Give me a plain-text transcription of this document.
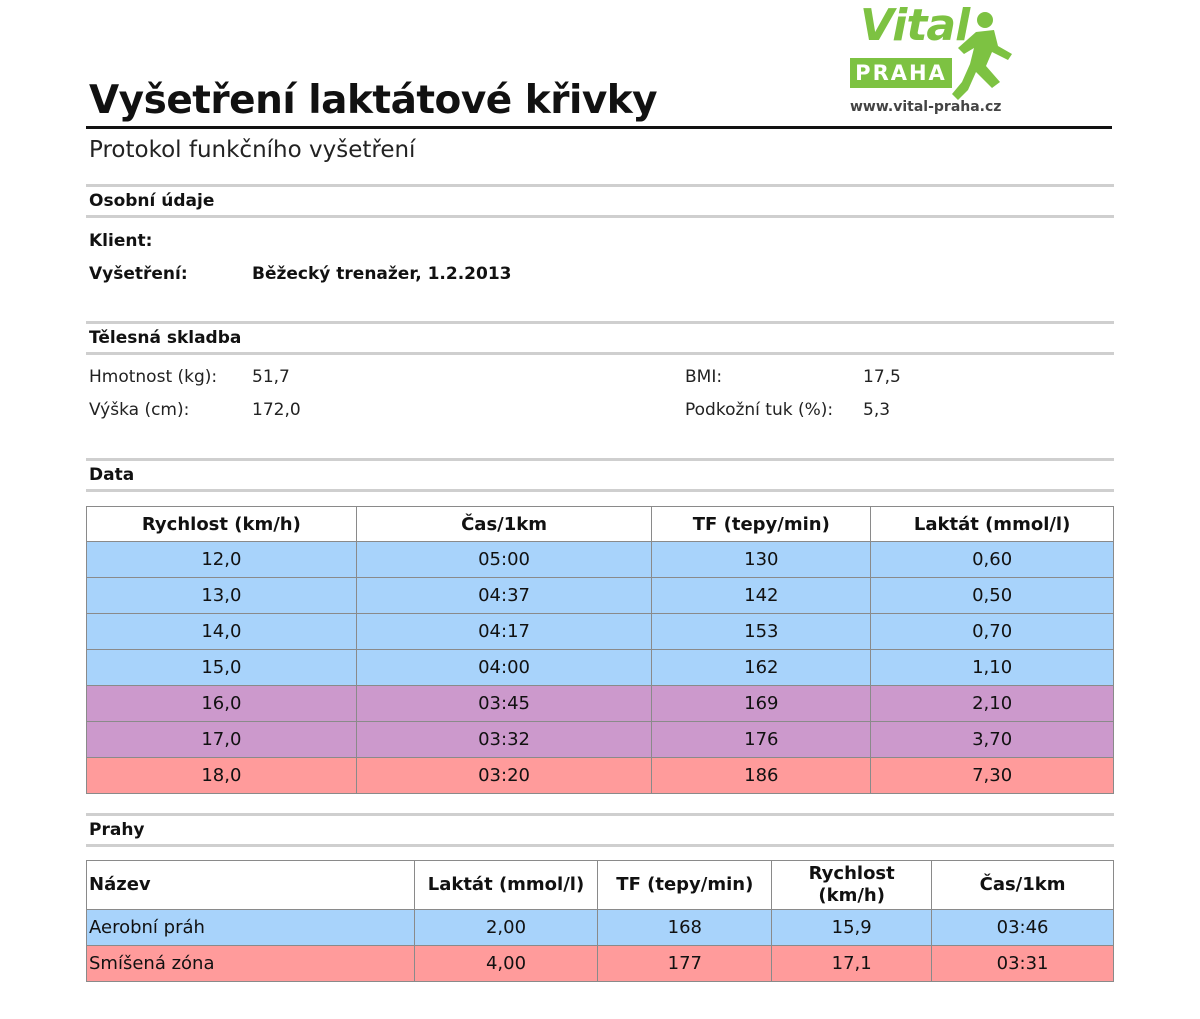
Vital
PRAHA
www.vital-praha.cz
Vyšetření laktátové křivky
Protokol funkčního vyšetření
Osobní údaje
Klient:
Vyšetření:	Běžecký trenažer, 1.2.2013
Tělesná skladba
Hmotnost (kg): 51,7
Výška (cm):	172,0
BMI:	17,5
Podkožní tuk (%): 5,3
Data
Rychlost (km/h)	Čas/1km	TF (tepy/min)	Laktát (mmol/l)
12,0	05:00	130	0,60
13,0	04:37	142	0,50
14,0	04:17	153	0,70
15,0	04:00	162	1,10
16,0	03:45	169	2,10
17,0	03:32	176	3,70
18,0	03:20	186	7,30
Prahy
Název	Laktát (mmol/l)	TF (tepy/min)	Rychlost (km/h)	Čas/1km
Aerobní práh	2,00	168	15,9	03:46
Smíšená zóna	4,00	177	17,1	03:31
